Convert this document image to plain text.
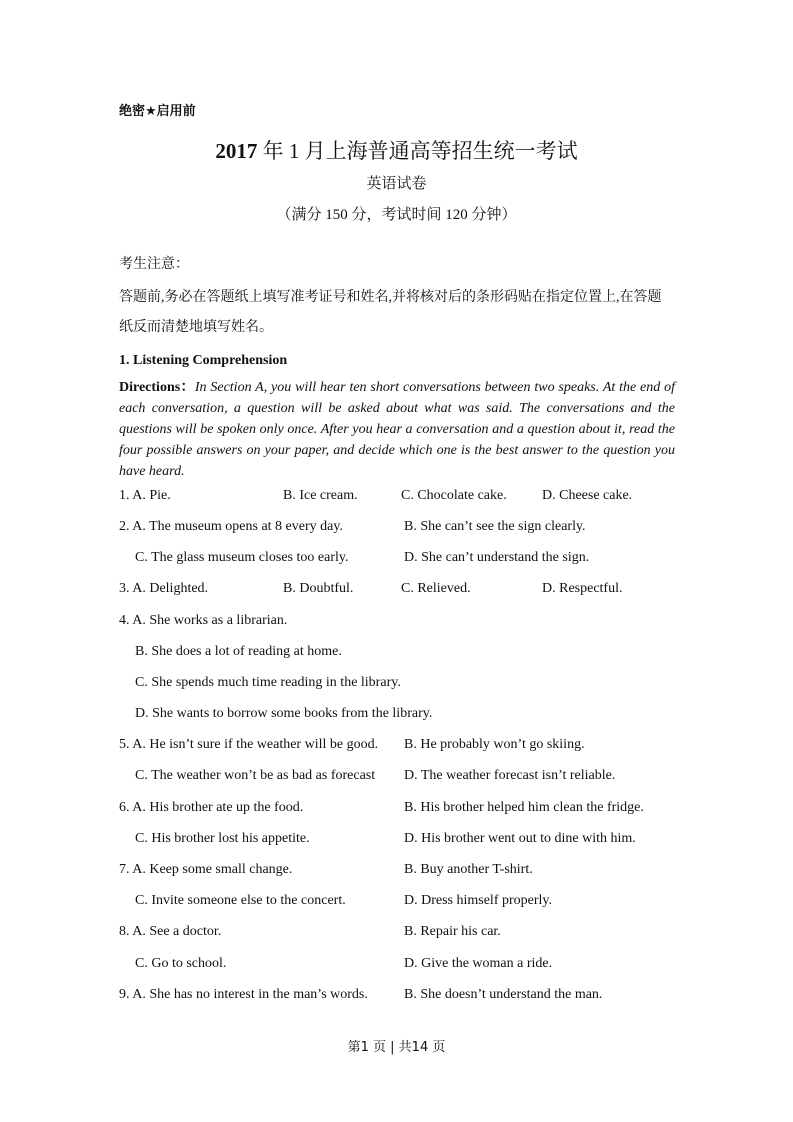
绝密★启用前
2017 年 1 月上海普通高等招生统一考试
英语试卷
（满分 150 分，考试时间 120 分钟）
考生注意：
答题前,务必在答题纸上填写准考证号和姓名,并将核对后的条形码贴在指定位置上,在答题
纸反而清楚地填写姓名。
1. Listening Comprehension
Directions：In Section A, you will hear ten short conversations between two speaks. At the end of each conversation, a question will be asked about what was said. The conversations and the questions will be spoken only once. After you hear a conversation and a question about it, read the four possible answers on your paper, and decide which one is the best answer to the question you have heard.
1. A. Pie.	B. Ice cream.	C. Chocolate cake.	D. Cheese cake.
2. A. The museum opens at 8 every day.	B. She can’t see the sign clearly.
C. The glass museum closes too early.	D. She can’t understand the sign.
3. A. Delighted.	B. Doubtful.	C. Relieved.	D. Respectful.
4. A. She works as a librarian.
B. She does a lot of reading at home.
C. She spends much time reading in the library.
D. She wants to borrow some books from the library.
5. A. He isn’t sure if the weather will be good. B. He probably won’t go skiing.
C. The weather won’t be as bad as forecast D. The weather forecast isn’t reliable.
6. A. His brother ate up the food.	B. His brother helped him clean the fridge.
C. His brother lost his appetite.	D. His brother went out to dine with him.
7. A. Keep some small change.	B. Buy another T-shirt.
C. Invite someone else to the concert.	D. Dress himself properly.
8. A. See a doctor.	B. Repair his car.
C. Go to school.	D. Give the woman a ride.
9. A. She has no interest in the man’s words.	B. She doesn’t understand the man.
第1 页 | 共14 页
